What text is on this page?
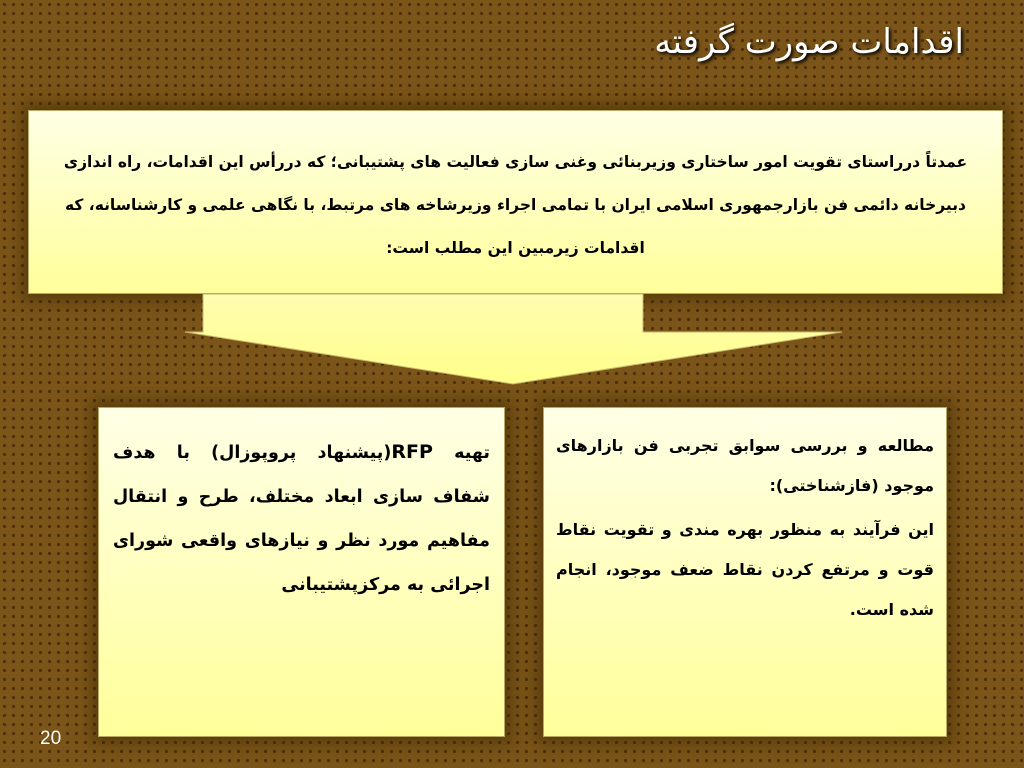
اقدامات صورت گرفته
عمدتاً درراستای تقویت امور ساختاری وزیربنائی وغنی سازی فعالیت های پشتیبانی؛ که دررأس این اقدامات، راه اندازی دبیرخانه دائمی فن بازارجمهوری اسلامی ایران با تمامی اجراء وزیرشاخه های مرتبط، با نگاهی علمی و کارشناسانه، که اقدامات زیرمبین این مطلب است:
تهیه RFP(پیشنهاد پروپوزال) با هدف شفاف سازی ابعاد مختلف، طرح و انتقال مفاهیم مورد نظر و نیازهای واقعی شورای اجرائی به مرکزپشتیبانی

مطالعه و بررسی سوابق تجربی فن بازارهای موجود (فازشناختی):

این فرآیند به منظور بهره مندی و تقویت نقاط قوت و مرتفع کردن نقاط ضعف موجود، انجام شده است.

20
